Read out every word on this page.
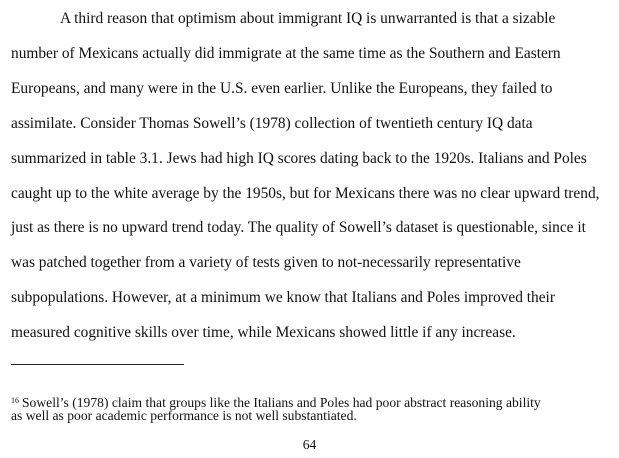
A third reason that optimism about immigrant IQ is unwarranted is that a sizable
number of Mexicans actually did immigrate at the same time as the Southern and Eastern
Europeans, and many were in the U.S. even earlier. Unlike the Europeans, they failed to
assimilate. Consider Thomas Sowell’s (1978) collection of twentieth century IQ data
summarized in table 3.1. Jews had high IQ scores dating back to the 1920s. Italians and Poles
caught up to the white average by the 1950s, but for Mexicans there was no clear upward trend,
just as there is no upward trend today. The quality of Sowell’s dataset is questionable, since it
was patched together from a variety of tests given to not-necessarily representative
subpopulations. However, at a minimum we know that Italians and Poles improved their
measured cognitive skills over time, while Mexicans showed little if any increase.
$^{16}$ Sowell’s (1978) claim that groups like the Italians and Poles had poor abstract reasoning ability
as well as poor academic performance is not well substantiated.
64
